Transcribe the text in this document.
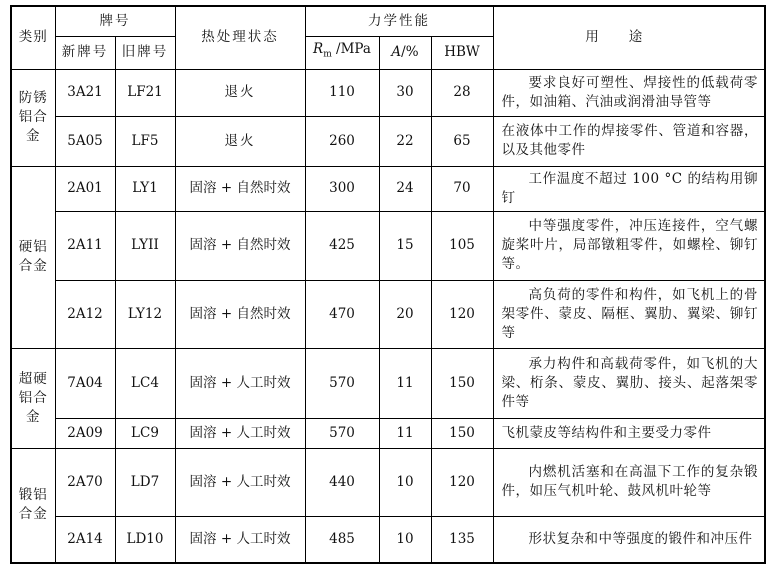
类别	牌号		热处理状态	力学性能			用途
	新牌号	旧牌号		$R_m$ /MPa	A/%	HBW	
防锈铝合金	3A21	LF21	退火	110	30	28	要求良好可塑性、焊接性的低载荷零件，如油箱、汽油或润滑油导管等
	5A05	LF5	退火	260	22	65	在液体中工作的焊接零件、管道和容器，以及其他零件
硬铝合金	2A01	LY1	固溶 + 自然时效	300	24	70	工作温度不超过 100 °C 的结构用铆钉
	2A11	LYII	固溶 + 自然时效	425	15	105	中等强度零件，冲压连接件，空气螺旋桨叶片，局部镦粗零件，如螺栓、铆钉等。
	2A12	LY12	固溶 + 自然时效	470	20	120	高负荷的零件和构件，如飞机上的骨架零件、蒙皮、隔框、翼肋、翼梁、铆钉等
超硬铝合金	7A04	LC4	固溶 + 人工时效	570	11	150	承力构件和高载荷零件，如飞机的大梁、桁条、蒙皮、翼肋、接头、起落架零件等
	2A09	LC9	固溶 + 人工时效	570	11	150	飞机蒙皮等结构件和主要受力零件
锻铝合金	2A70	LD7	固溶 + 人工时效	440	10	120	内燃机活塞和在高温下工作的复杂锻件，如压气机叶轮、鼓风机叶轮等
	2A14	LD10	固溶 + 人工时效	485	10	135	形状复杂和中等强度的锻件和冲压件
